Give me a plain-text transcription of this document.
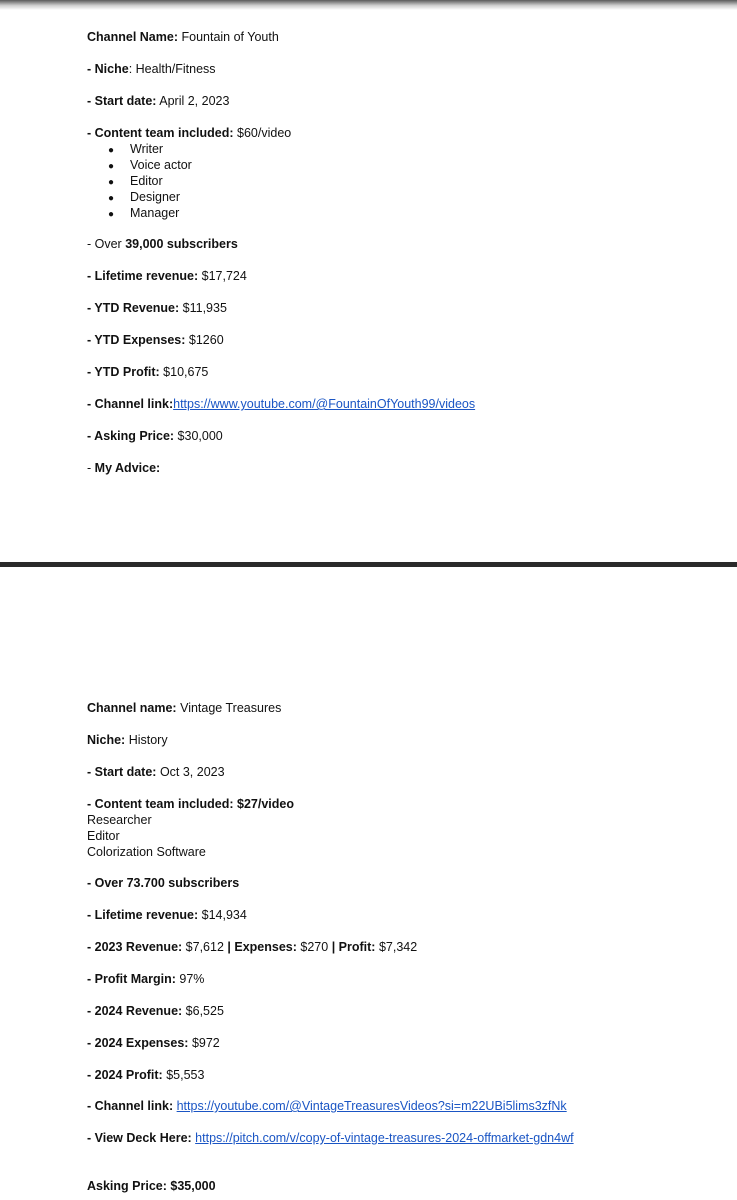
Channel Name: Fountain of Youth
- Niche: Health/Fitness
- Start date: April 2, 2023
- Content team included: $60/video
● Writer
● Voice actor
● Editor
● Designer
● Manager
- Over 39,000 subscribers
- Lifetime revenue: $17,724
- YTD Revenue: $11,935
- YTD Expenses: $1260
- YTD Profit: $10,675
- Channel link:https://www.youtube.com/@FountainOfYouth99/videos
- Asking Price: $30,000
- My Advice:
Channel name: Vintage Treasures
Niche: History
- Start date: Oct 3, 2023
- Content team included: $27/video
Researcher
Editor
Colorization Software
- Over 73.700 subscribers
- Lifetime revenue: $14,934
- 2023 Revenue: $7,612 | Expenses: $270 | Profit: $7,342
- Profit Margin: 97%
- 2024 Revenue: $6,525
- 2024 Expenses: $972
- 2024 Profit: $5,553
- Channel link: https://youtube.com/@VintageTreasuresVideos?si=m22UBi5lims3zfNk
- View Deck Here: https://pitch.com/v/copy-of-vintage-treasures-2024-offmarket-gdn4wf
Asking Price: $35,000
